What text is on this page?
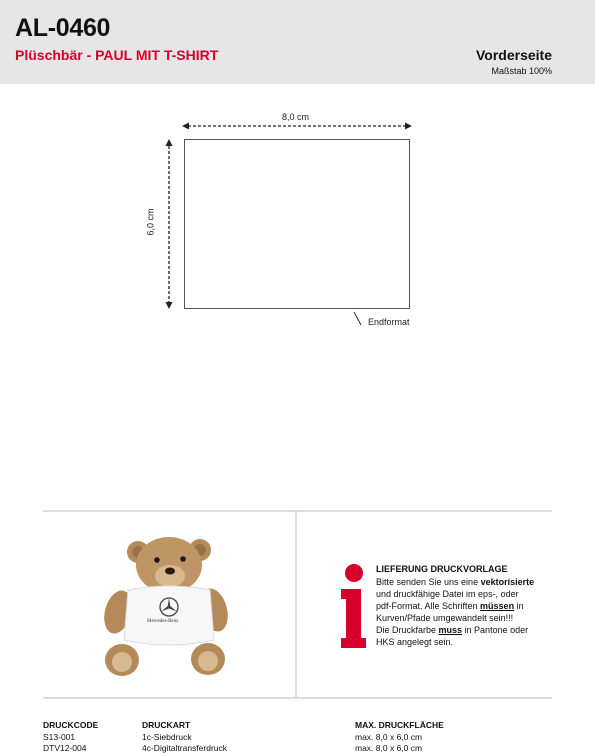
AL-0460
Plüschbär - PAUL MIT T-SHIRT	Vorderseite
Maßstab 100%
8,0 cm
6,0 cm
Endformat
Mercedes-Benz
LIEFERUNG DRUCKVORLAGE
Bitte senden Sie uns eine vektorisierte
und druckfähige Datei im eps-, oder
pdf-Format. Alle Schriften müssen in
Kurven/Pfade umgewandelt sein!!!
Die Druckfarbe muss in Pantone oder
HKS angelegt sein.
DRUCKCODE	DRUCKART	MAX. DRUCKFLÄCHE
S13-001	1c-Siebdruck	max. 8,0 x 6,0 cm
DTV12-004	4c-Digitaltransferdruck	max. 8,0 x 6,0 cm
